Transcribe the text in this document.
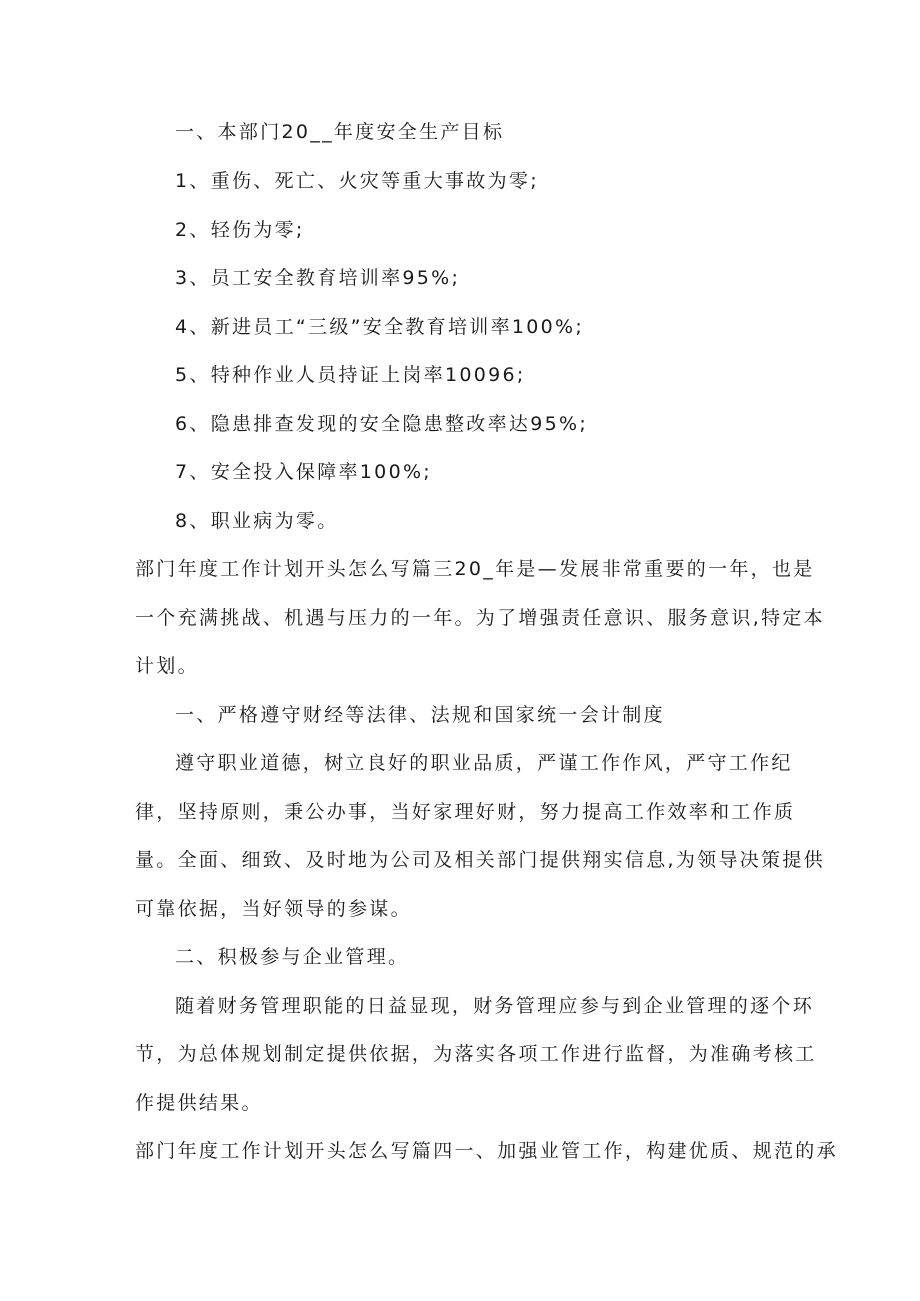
一、本部门20__年度安全生产目标
1、重伤、死亡、火灾等重大事故为零;
2、轻伤为零;
3、员工安全教育培训率95%;
4、新进员工“三级”安全教育培训率100%;
5、特种作业人员持证上岗率10096;
6、隐患排查发现的安全隐患整改率达95%;
7、安全投入保障率100%;
8、职业病为零。
部门年度工作计划开头怎么写篇三20_年是—发展非常重要的一年，也是
一个充满挑战、机遇与压力的一年。为了增强责任意识、服务意识,特定本
计划。
一、严格遵守财经等法律、法规和国家统一会计制度
遵守职业道德，树立良好的职业品质，严谨工作作风，严守工作纪
律，坚持原则，秉公办事，当好家理好财，努力提高工作效率和工作质
量。全面、细致、及时地为公司及相关部门提供翔实信息,为领导决策提供
可靠依据，当好领导的参谋。
二、积极参与企业管理。
随着财务管理职能的日益显现，财务管理应参与到企业管理的逐个环
节，为总体规划制定提供依据，为落实各项工作进行监督，为准确考核工
作提供结果。
部门年度工作计划开头怎么写篇四一、加强业管工作，构建优质、规范的承
